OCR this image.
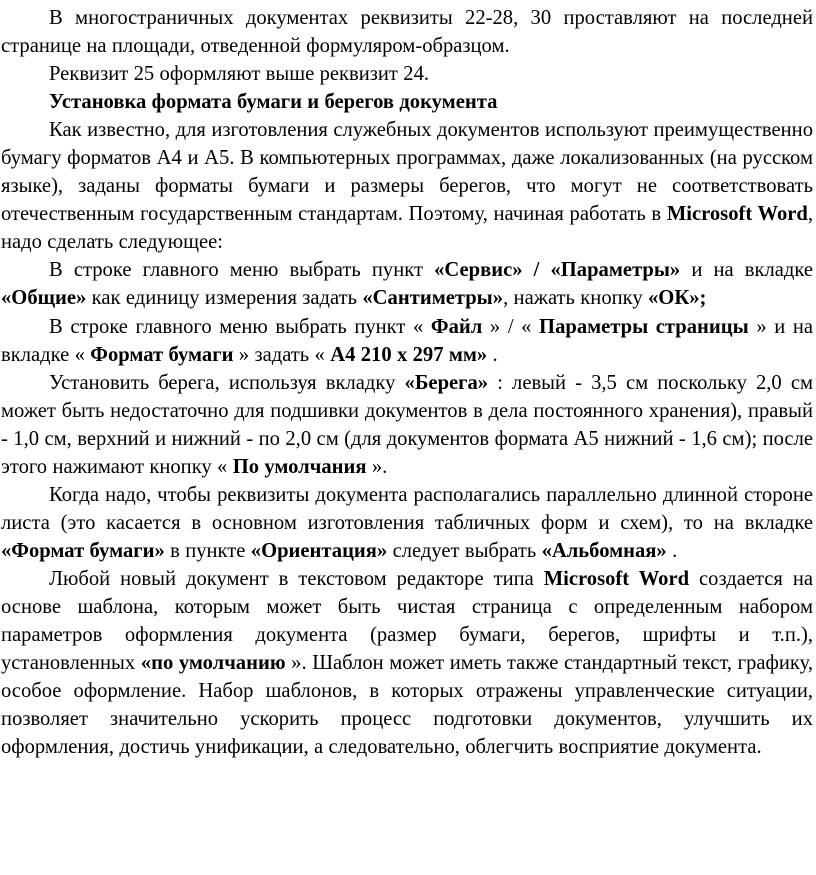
В многостраничных документах реквизиты 22-28, 30 проставляют на последней странице на площади, отведенной формуляром-образцом.

Реквизит 25 оформляют выше реквизит 24.

Установка формата бумаги и берегов документа

Как известно, для изготовления служебных документов используют преимущественно бумагу форматов А4 и А5. В компьютерных программах, даже локализованных (на русском языке), заданы форматы бумаги и размеры берегов, что могут не соответствовать отечественным государственным стандартам. Поэтому, начиная работать в Microsoft Word, надо сделать следующее:

В строке главного меню выбрать пункт «Сервис» / «Параметры» и на вкладке «Общие» как единицу измерения задать «Сантиметры», нажать кнопку «ОК»;

В строке главного меню выбрать пункт « Файл » / « Параметры страницы » и на вкладке « Формат бумаги » задать « А4 210 х 297 мм» .

Установить берега, используя вкладку «Берега» : левый - 3,5 см поскольку 2,0 см может быть недостаточно для подшивки документов в дела постоянного хранения), правый - 1,0 см, верхний и нижний - по 2,0 см (для документов формата А5 нижний - 1,6 см); после этого нажимают кнопку « По умолчания ».

Когда надо, чтобы реквизиты документа располагались параллельно длинной стороне листа (это касается в основном изготовления табличных форм и схем), то на вкладке «Формат бумаги» в пункте «Ориентация» следует выбрать «Альбомная» .

Любой новый документ в текстовом редакторе типа Microsoft Word создается на основе шаблона, которым может быть чистая страница с определенным набором параметров оформления документа (размер бумаги, берегов, шрифты и т.п.), установленных «по умолчанию ». Шаблон может иметь также стандартный текст, графику, особое оформление. Набор шаблонов, в которых отражены управленческие ситуации, позволяет значительно ускорить процесс подготовки документов, улучшить их оформления, достичь унификации, а следовательно, облегчить восприятие документа.
